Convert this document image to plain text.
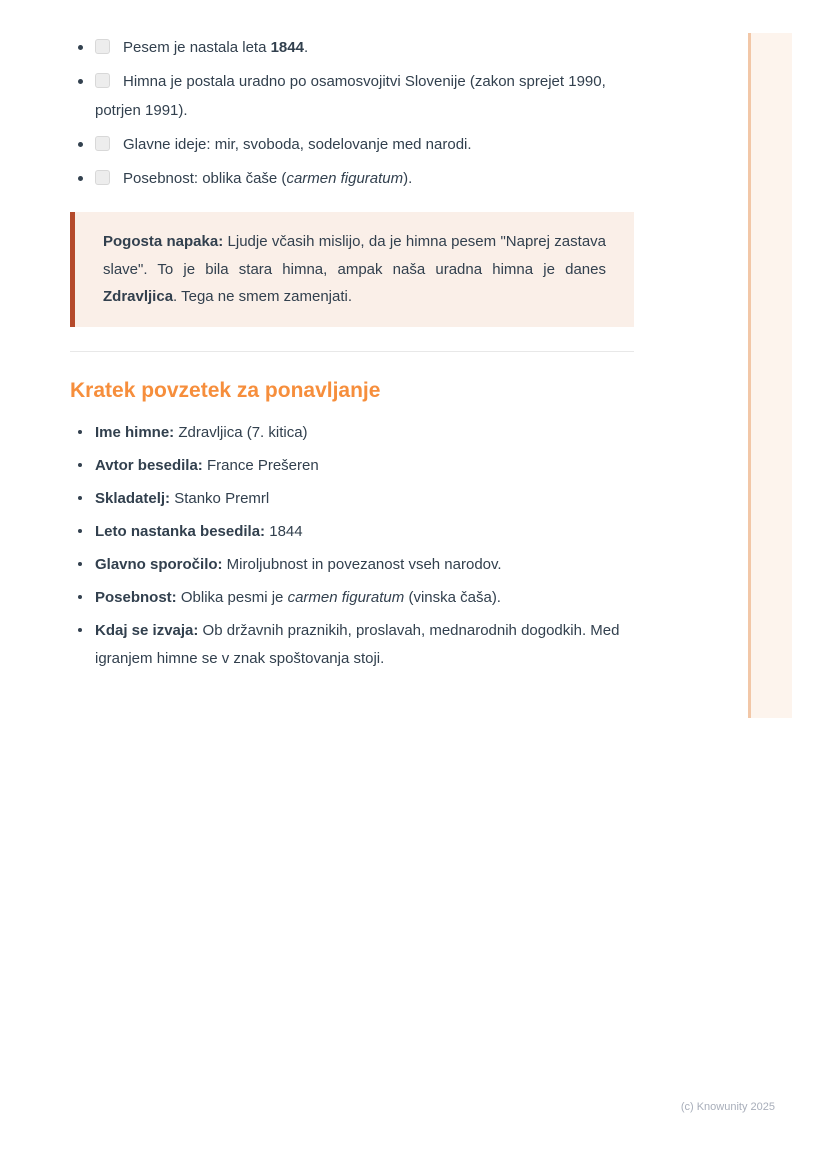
Pesem je nastala leta 1844.
Himna je postala uradno po osamosvojitvi Slovenije (zakon sprejet 1990, potrjen 1991).
Glavne ideje: mir, svoboda, sodelovanje med narodi.
Posebnost: oblika čaše (carmen figuratum).
Pogosta napaka: Ljudje včasih mislijo, da je himna pesem "Naprej zastava slave". To je bila stara himna, ampak naša uradna himna je danes Zdravljica. Tega ne smem zamenjati.
Kratek povzetek za ponavljanje
Ime himne: Zdravljica (7. kitica)
Avtor besedila: France Prešeren
Skladatelj: Stanko Premrl
Leto nastanka besedila: 1844
Glavno sporočilo: Miroljubnost in povezanost vseh narodov.
Posebnost: Oblika pesmi je carmen figuratum (vinska čaša).
Kdaj se izvaja: Ob državnih praznikih, proslavah, mednarodnih dogodkih. Med igranjem himne se v znak spoštovanja stoji.
(c) Knowunity 2025
